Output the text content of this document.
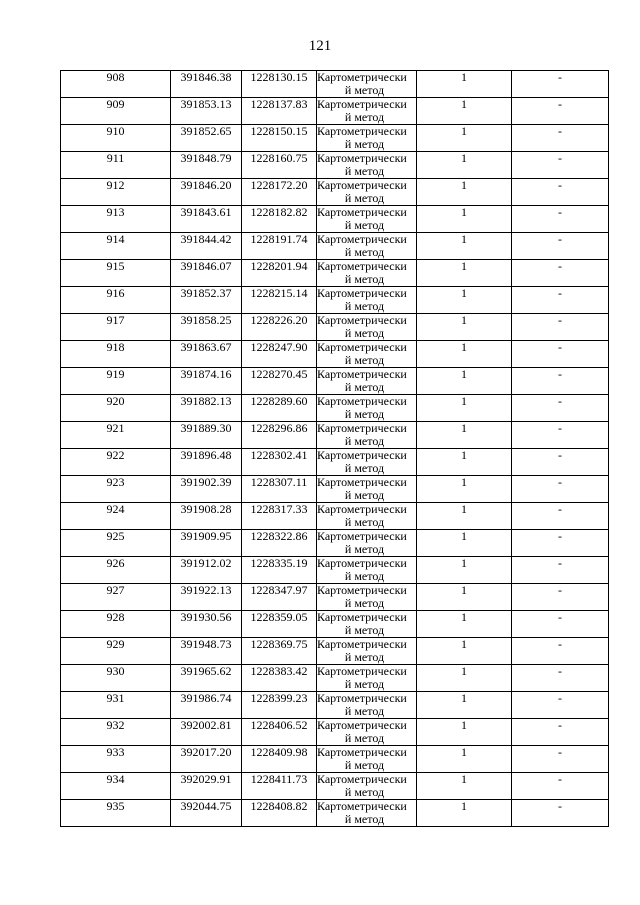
121
908	391846.38	1228130.15	Картометрически
й метод	1	-
909	391853.13	1228137.83	Картометрически
й метод	1	-
910	391852.65	1228150.15	Картометрически
й метод	1	-
911	391848.79	1228160.75	Картометрически
й метод	1	-
912	391846.20	1228172.20	Картометрически
й метод	1	-
913	391843.61	1228182.82	Картометрически
й метод	1	-
914	391844.42	1228191.74	Картометрически
й метод	1	-
915	391846.07	1228201.94	Картометрически
й метод	1	-
916	391852.37	1228215.14	Картометрически
й метод	1	-
917	391858.25	1228226.20	Картометрически
й метод	1	-
918	391863.67	1228247.90	Картометрически
й метод	1	-
919	391874.16	1228270.45	Картометрически
й метод	1	-
920	391882.13	1228289.60	Картометрически
й метод	1	-
921	391889.30	1228296.86	Картометрически
й метод	1	-
922	391896.48	1228302.41	Картометрически
й метод	1	-
923	391902.39	1228307.11	Картометрически
й метод	1	-
924	391908.28	1228317.33	Картометрически
й метод	1	-
925	391909.95	1228322.86	Картометрически
й метод	1	-
926	391912.02	1228335.19	Картометрически
й метод	1	-
927	391922.13	1228347.97	Картометрически
й метод	1	-
928	391930.56	1228359.05	Картометрически
й метод	1	-
929	391948.73	1228369.75	Картометрически
й метод	1	-
930	391965.62	1228383.42	Картометрически
й метод	1	-
931	391986.74	1228399.23	Картометрически
й метод	1	-
932	392002.81	1228406.52	Картометрически
й метод	1	-
933	392017.20	1228409.98	Картометрически
й метод	1	-
934	392029.91	1228411.73	Картометрически
й метод	1	-
935	392044.75	1228408.82	Картометрически
й метод	1	-
